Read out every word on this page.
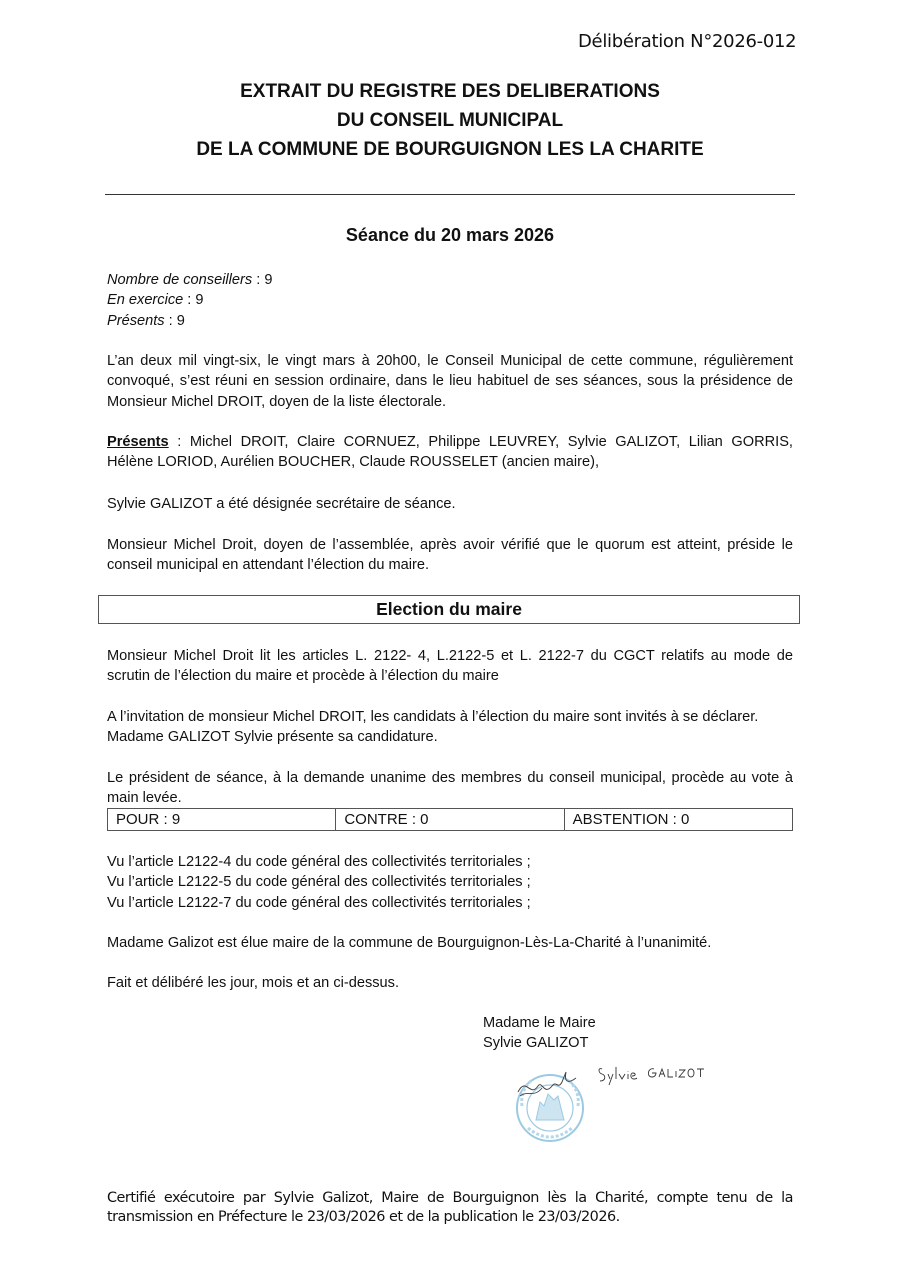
Délibération N°2026-012
EXTRAIT DU REGISTRE DES DELIBERATIONS
DU CONSEIL MUNICIPAL
DE LA COMMUNE DE BOURGUIGNON LES LA CHARITE
Séance du 20 mars 2026
Nombre de conseillers : 9
En exercice : 9
Présents : 9
L’an deux mil vingt-six, le vingt mars à 20h00, le Conseil Municipal de cette commune, régulièrement convoqué, s’est réuni en session ordinaire, dans le lieu habituel de ses séances, sous la présidence de Monsieur Michel DROIT, doyen de la liste électorale.
Présents : Michel DROIT, Claire CORNUEZ, Philippe LEUVREY, Sylvie GALIZOT, Lilian GORRIS, Hélène LORIOD, Aurélien BOUCHER, Claude ROUSSELET (ancien maire),
Sylvie GALIZOT a été désignée secrétaire de séance.
Monsieur Michel Droit, doyen de l’assemblée, après avoir vérifié que le quorum est atteint, préside le conseil municipal en attendant l’élection du maire.
Election du maire
Monsieur Michel Droit lit les articles L. 2122- 4, L.2122-5 et L. 2122-7 du CGCT relatifs au mode de scrutin de l’élection du maire et procède à l’élection du maire
A l’invitation de monsieur Michel DROIT, les candidats à l’élection du maire sont invités à se déclarer.
Madame GALIZOT Sylvie présente sa candidature.
Le président de séance, à la demande unanime des membres du conseil municipal, procède au vote à main levée.
POUR : 9	CONTRE : 0	ABSTENTION : 0
Vu l’article L2122-4 du code général des collectivités territoriales ;
Vu l’article L2122-5 du code général des collectivités territoriales ;
Vu l’article L2122-7 du code général des collectivités territoriales ;
Madame Galizot est élue maire de la commune de Bourguignon-Lès-La-Charité à l’unanimité.
Fait et délibéré les jour, mois et an ci-dessus.
Madame le Maire
Sylvie GALIZOT
Certifié exécutoire par Sylvie Galizot, Maire de Bourguignon lès la Charité, compte tenu de la transmission en Préfecture le 23/03/2026 et de la publication le 23/03/2026.
